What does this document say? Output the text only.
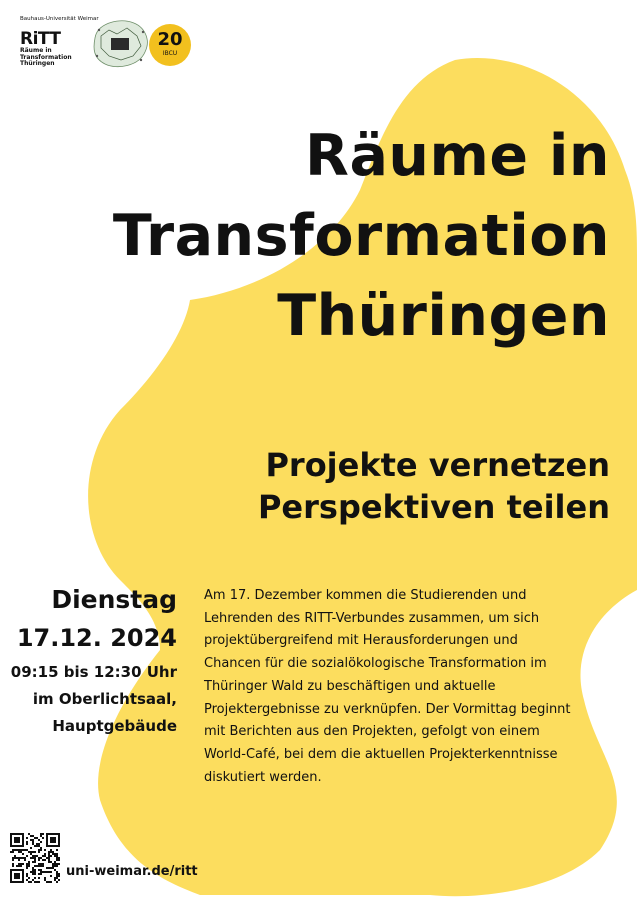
Bauhaus-Universität Weimar
RiTT
Räume in
Transformation
Thüringen
20
IBCU
Räume in
Transformation
Thüringen
Projekte vernetzen
Perspektiven teilen
Dienstag
17.12. 2024
09:15 bis 12:30 Uhr
im Oberlichtsaal,
Hauptgebäude
Am 17. Dezember kommen die Studierenden und
Lehrenden des RITT-Verbundes zusammen, um sich
projektübergreifend mit Herausforderungen und
Chancen für die sozialökologische Transformation im
Thüringer Wald zu beschäftigen und aktuelle
Projektergebnisse zu verknüpfen. Der Vormittag beginnt
mit Berichten aus den Projekten, gefolgt von einem
World-Café, bei dem die aktuellen Projekterkenntnisse
diskutiert werden.
uni-weimar.de/ritt
